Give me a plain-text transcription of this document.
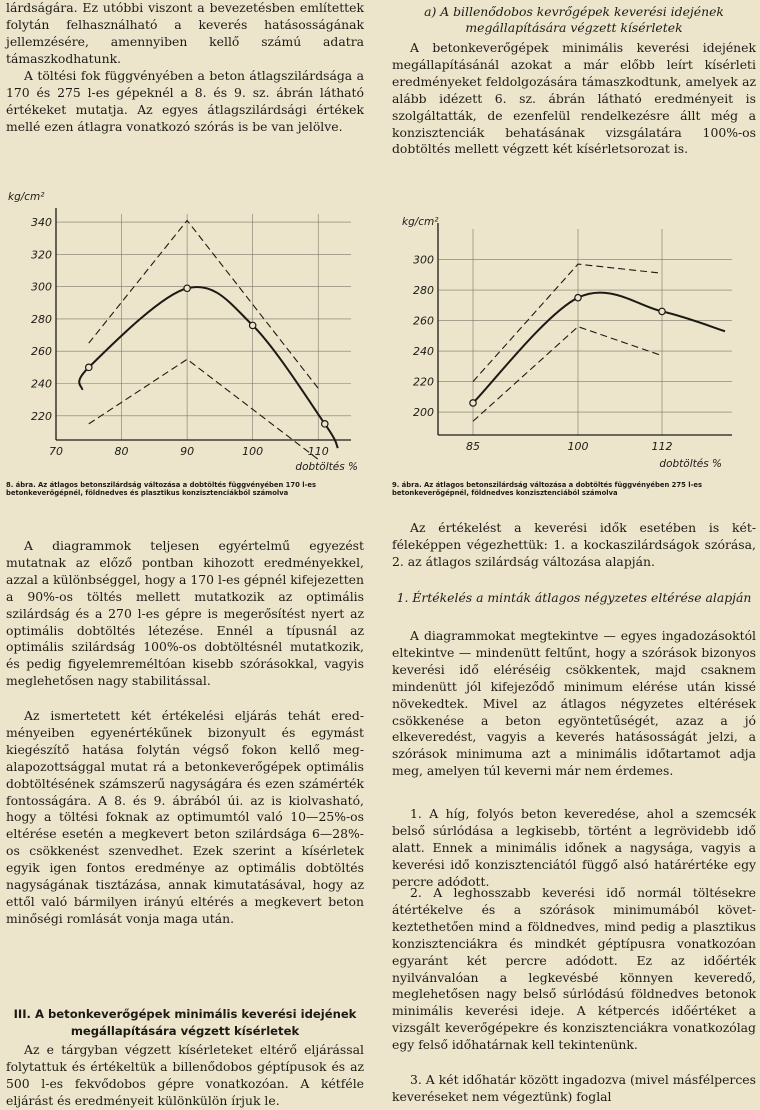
lárdságára. Ez utóbbi viszont a bevezetésben említettek folytán felhasználható a keverés hatásosságának jellemzésére, amennyiben kellő számú adatra támaszkodhatunk.

A töltési fok függvényében a beton átlagszilárdsága a 170 és 275 l-es gépeknél a 8. és 9. sz. ábrán látható értékeket mutatja. Az egyes átlagszilárdsági értékek mellé ezen átlagra vonatkozó szórás is be van jelölve.

220
240
260
280
300
320
340
70	80	90	100	110
kg/cm²
dobtöltés %

8. ábra. Az átlagos betonszilárdság változása a dobtöltés függvényében 170 l-es betonkeverőgépnél, földnedves és plasztikus konzisztenciákból számolva

A diagrammok teljesen egyértelmű egyezést mutatnak az előző pontban kihozott eredményekkel, azzal a különbséggel, hogy a 170 l-es gépnél kifejezetten a 90%-os töltés mellett mutatkozik az optimális szilárdság és a 270 l-es gépre is megerősítést nyert az optimális dobtöltés létezése. Ennél a típusnál az optimális szilárdság 100%-os dobtöltésnél mutatkozik, és pedig figyelemreméltóan kisebb szórásokkal, vagyis meglehetősen nagy stabilitással.

Az ismertetett két értékelési eljárás tehát eredményeiben egyenértékűnek bizonyult és egymást kiegészítő hatása folytán végső fokon kellő megalapozottsággal mutat rá a betonkeverőgépek optimális dobtöltésének számszerű nagyságára és ezen számérték fontosságára. A 8. és 9. ábrából úi. az is kiolvasható, hogy a töltési foknak az optimumtól való 10—25%-os eltérése esetén a megkevert beton szilárdsága 6—28%-os csökkenést szenvedhet. Ezek szerint a kísérletek egyik igen fontos eredménye az optimális dobtöltés nagyságának tisztázása, annak kimutatásával, hogy az ettől való bármilyen irányú eltérés a megkevert beton minőségi romlását vonja maga után.

III. A betonkeverőgépek minimális keverési idejének megállapítására végzett kísérletek

Az e tárgyban végzett kísérleteket eltérő eljárással folytattuk és értékeltük a billenődobos géptípusok és az 500 l-es fekvődobos gépre vonatkozóan. A kétféle eljárást és eredményeit különkülön írjuk le.

a) A billenődobos kevrőgépek keverési idejének megállapítására végzett kísérletek

A betonkeverőgépek minimális keverési idejének megállapításánál azokat a már előbb leírt kísérleti eredményeket feldolgozására támaszkodtunk, amelyek az alább idézett 6. sz. ábrán látható eredményeit is szolgáltatták, de ezenfelül rendelkezésre állt még a konzisztenciák behatásának vizsgálatára 100%-os dobtöltés mellett végzett két kísérletsorozat is.

200
220
240
260
280
300
85	100	112
kg/cm²
dobtöltés %

9. ábra. Az átlagos betonszilárdság változása a dobtöltés függvényében 275 l-es betonkeverőgépnél, földnedves konzisztenciából számolva

Az értékelést a keverési idők esetében is kétféleképpen végezhettük: 1. a kockaszilárdságok szórása, 2. az átlagos szilárdság változása alapján.

1. Értékelés a minták átlagos négyzetes eltérése alapján

A diagrammokat megtekintve — egyes ingadozásoktól eltekintve — mindenütt feltűnt, hogy a szórások bizonyos keverési idő eléréséig csökkentek, majd csaknem mindenütt jól kifejeződő minimum elérése után kissé növekedtek. Mivel az átlagos négyzetes eltérések csökkenése a beton egyöntetűségét, azaz a jó elkeveredést, vagyis a keverés hatásosságát jelzi, a szórások minimuma azt a minimális időtartamot adja meg, amelyen túl keverni már nem érdemes.

1. A híg, folyós beton keveredése, ahol a szemcsék belső súrlódása a legkisebb, történt a legrövidebb idő alatt. Ennek a minimális időnek a nagysága, vagyis a keverési idő konzisztenciától függő alsó határértéke egy percre adódott.

2. A leghosszabb keverési idő normál töltésekre átértékelve és a szórások minimumából következtethetően mind a földnedves, mind pedig a plasztikus konzisztenciákra és mindkét géptípusra vonatkozóan egyaránt két percre adódott. Ez az időérték nyilvánvalóan a legkevésbé könnyen keveredő, meglehetősen nagy belső súrlódású földnedves betonok minimális keverési ideje. A kétpercés időértéket a vizsgált keverőgépekre és konzisztenciákra vonatkozólag egy felső időhatárnak kell tekintenünk.

3. A két időhatár között ingadozva (mivel másfélperces keveréseket nem végeztünk) foglal
